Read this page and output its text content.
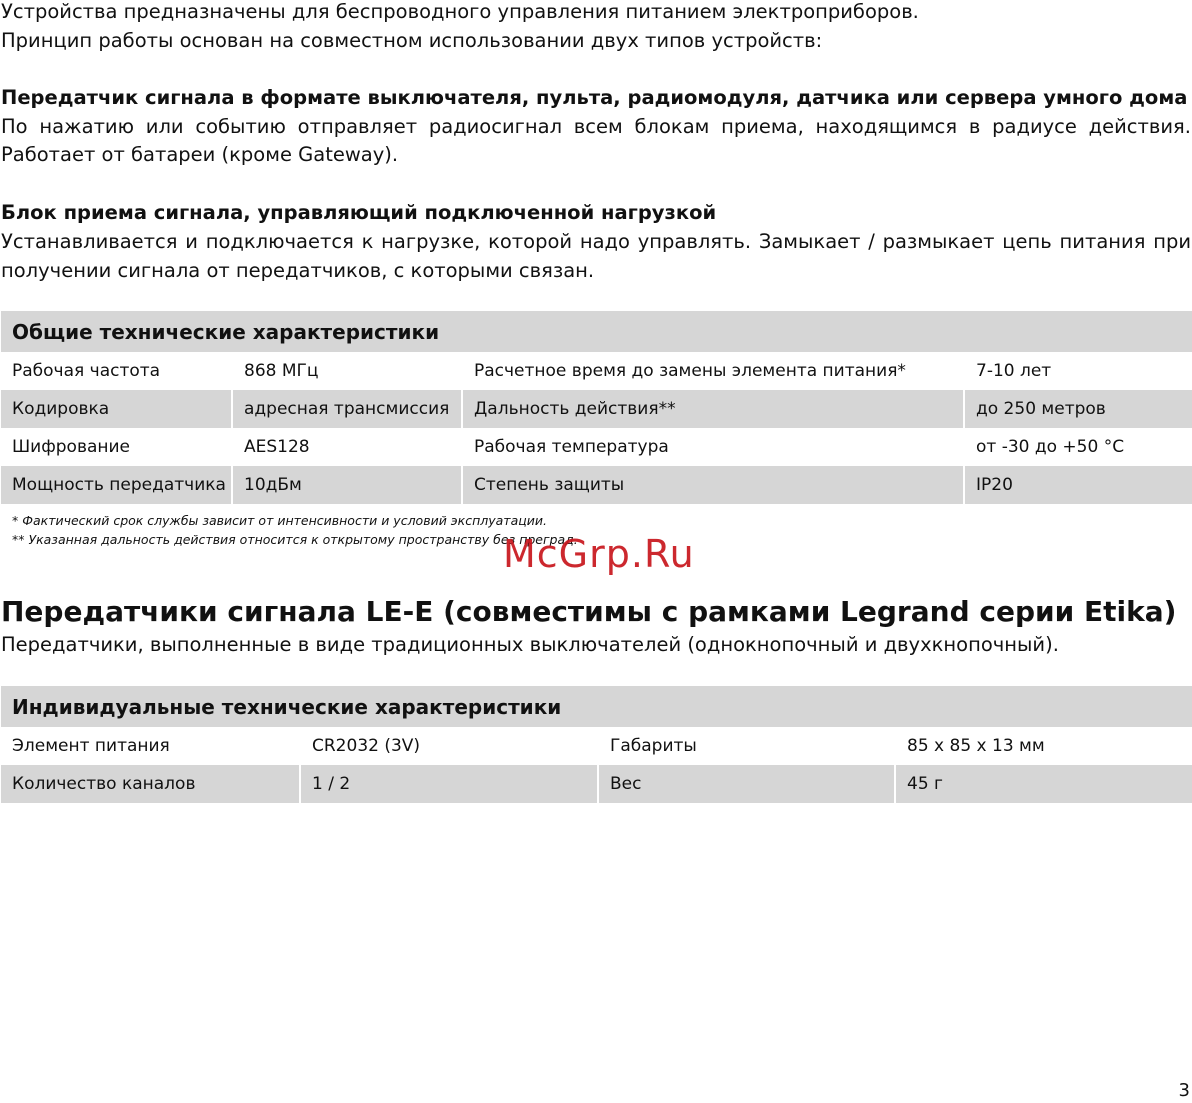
Устройства предназначены для беспроводного управления питанием электроприборов.

Принцип работы основан на совместном использовании двух типов устройств:

Передатчик сигнала в формате выключателя, пульта, радиомодуля, датчика или сервера умного дома

По нажатию или событию отправляет радиосигнал всем блокам приема, находящимся в радиусе действия.

Работает от батареи (кроме Gateway).

Блок приема сигнала, управляющий подключенной нагрузкой

Устанавливается и подключается к нагрузке, которой надо управлять. Замыкает / размыкает цепь питания при

получении сигнала от передатчиков, с которыми связан.

Общие технические характеристики			
Рабочая частота	868 МГц	Расчетное время до замены элемента питания*	7-10 лет
Кодировка	адресная трансмиссия	Дальность действия**	до 250 метров
Шифрование	AES128	Рабочая температура	от -30 до +50 °C
Мощность передатчика	10дБм	Степень защиты	IP20

* Фактический срок службы зависит от интенсивности и условий эксплуатации.

** Указанная дальность действия относится к открытому пространству без преград.

McGrp.Ru

Передатчики сигнала LE-E (совместимы с рамками Legrand серии Etika)

Передатчики, выполненные в виде традиционных выключателей (однокнопочный и двухкнопочный).

Индивидуальные технические характеристики			
Элемент питания	CR2032 (3V)	Габариты	85 x 85 x 13 мм
Количество каналов	1 / 2	Вес	45 г
3
